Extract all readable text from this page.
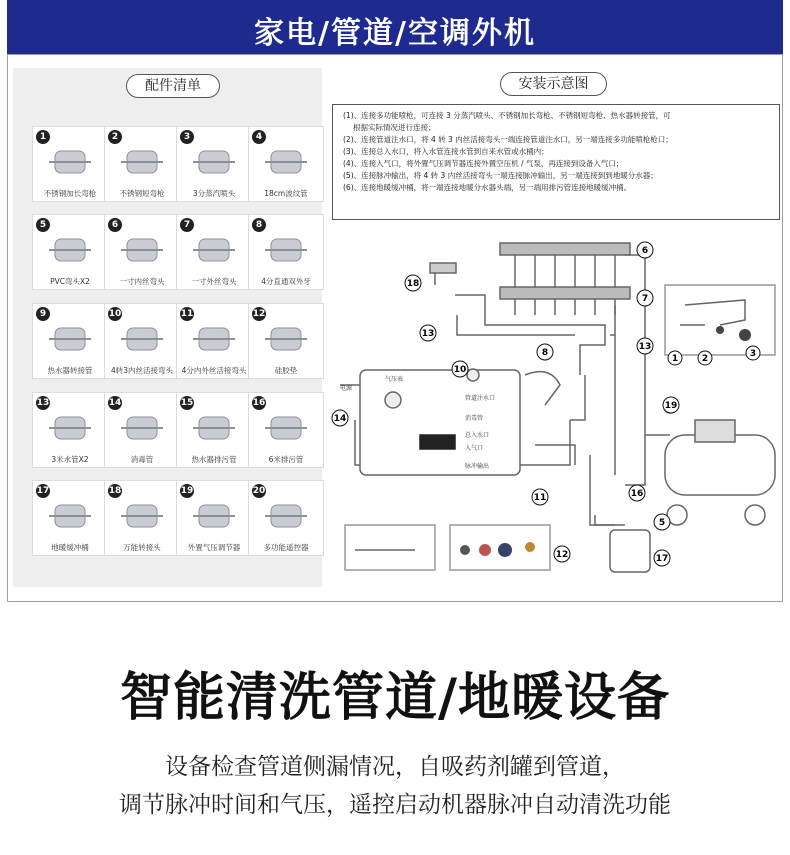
家电/管道/空调外机
配件清单	安装示意图
1
不锈钢加长弯枪
2
不锈钢短弯枪
3
3分蒸汽喷头
4
18cm波纹管
5
PVC弯头X2
6
一寸内丝弯头
7
一寸外丝弯头
8
4分直通双外牙
9
热水器转接管
10
4转3内丝活接弯头
11
4分内外丝活接弯头
12
硅胶垫
13
3米水管X2
14
消毒管
15
热水器排污管
16
6米排污管
17
地暖缓冲桶
18
万能转接头
19
外置气压调节器
20
多功能遥控器
(1)、连接多功能喷枪，可连接 3 分蒸汽喷头、不锈钢加长弯枪、不锈钢短弯枪、热水器转接管，可
根据实际情况进行连接；
(2)、连接管道注水口，将 4 转 3 内丝活接弯头一端连接管道注水口，另一端连接多功能喷枪枪口；
(3)、连接总入水口，将入水管连接水管到自来水管或水桶内；
(4)、连接入气口，将外置气压调节器连接外置空压机 / 气泵，再连接到设备入气口；
(5)、连接脉冲输出，将 4 转 3 内丝活接弯头一端连接脉冲输出，另一端连接到到地暖分水器；
(6)、连接地暖缓冲桶，将一端连接地暖分水器头端，另一端用排污管连接地暖缓冲桶。
电源
气压表
管道注水口
消毒管
总入水口
入气口
脉冲输出
6
7
18
13
8
13
10
14
11
19
16
5
17
12
1	2	3
智能清洗管道/地暖设备
设备检查管道侧漏情况，自吸药剂罐到管道，
调节脉冲时间和气压，遥控启动机器脉冲自动清洗功能
